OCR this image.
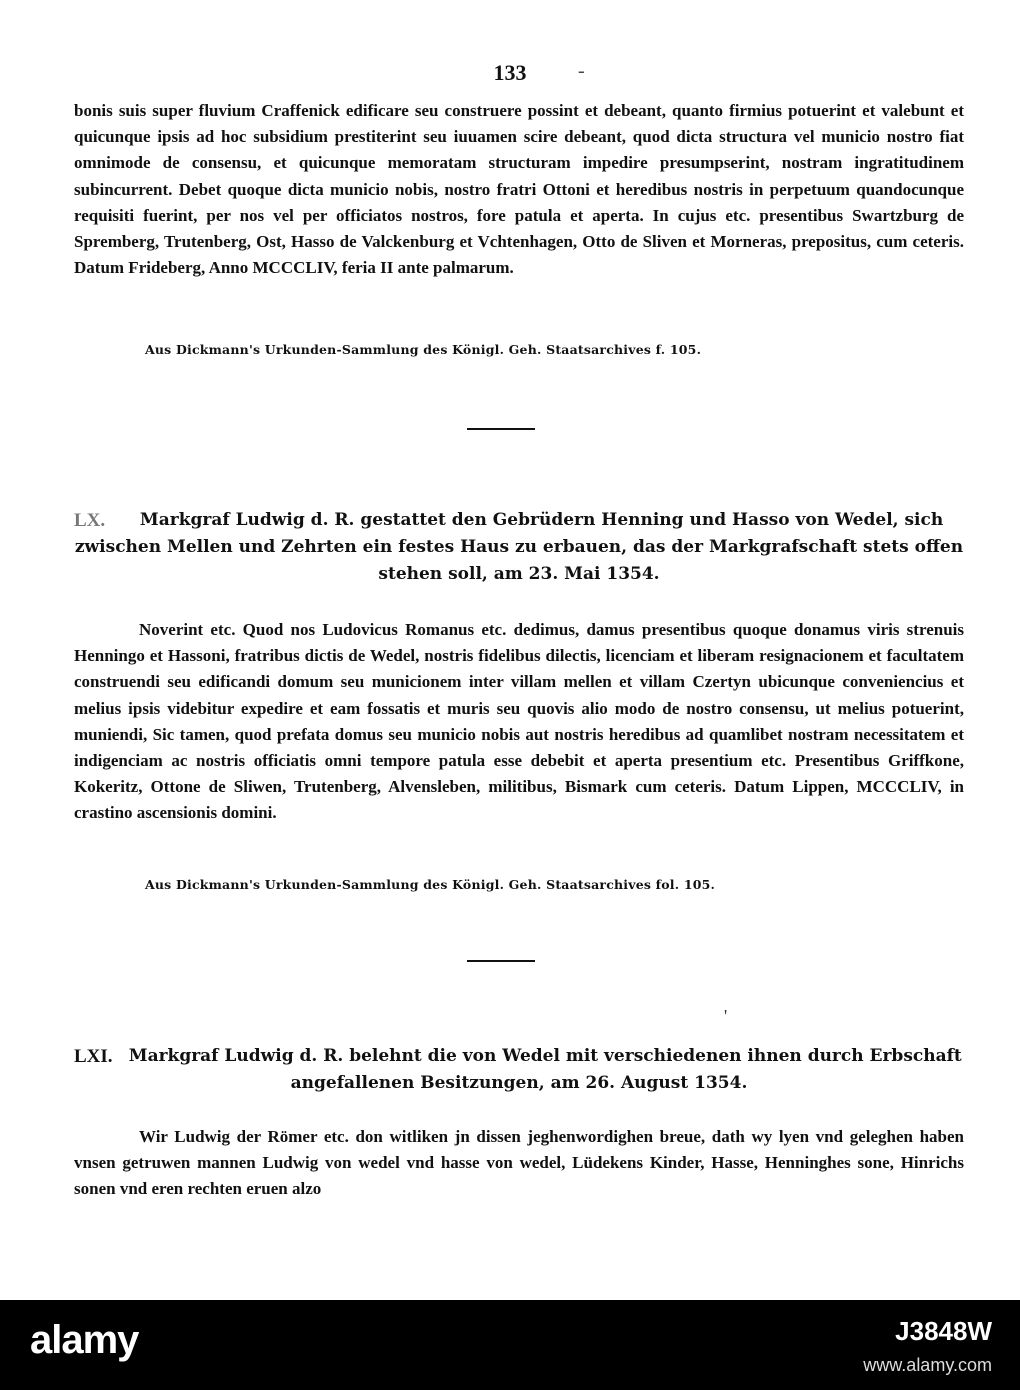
133	-

bonis suis super fluvium Craffenick edificare seu construere possint et debeant, quanto firmius potuerint et valebunt et quicunque ipsis ad hoc subsidium prestiterint seu iuuamen scire debeant, quod dicta structura vel municio nostro fiat omnimode de consensu, et quicunque memoratam structuram impedire presumpserint, nostram ingratitudinem subincurrent. Debet quoque dicta municio nobis, nostro fratri Ottoni et heredibus nostris in perpetuum quandocunque requisiti fuerint, per nos vel per officiatos nostros, fore patula et aperta. In cujus etc. presentibus Swartzburg de Spremberg, Trutenberg, Ost, Hasso de Valckenburg et Vchtenhagen, Otto de Sliven et Morneras, prepositus, cum ceteris. Datum Frideberg, Anno MCCCLIV, feria II ante palmarum.

Aus Dickmann's Urkunden-Sammlung des Königl. Geh. Staatsarchives f. 105.
LX. Markgraf Ludwig d. R. gestattet den Gebrüdern Henning und Hasso von Wedel, sich zwischen Mellen und Zehrten ein festes Haus zu erbauen, das der Markgrafschaft stets offen stehen soll, am 23. Mai 1354.

Noverint etc. Quod nos Ludovicus Romanus etc. dedimus, damus presentibus quoque donamus viris strenuis Henningo et Hassoni, fratribus dictis de Wedel, nostris fidelibus dilectis, licenciam et liberam resignacionem et facultatem construendi seu edificandi domum seu municionem inter villam mellen et villam Czertyn ubicunque conveniencius et melius ipsis videbitur expedire et eam fossatis et muris seu quovis alio modo de nostro consensu, ut melius potuerint, muniendi, Sic tamen, quod prefata domus seu municio nobis aut nostris heredibus ad quamlibet nostram necessitatem et indigenciam ac nostris officiatis omni tempore patula esse debebit et aperta presentium etc. Presentibus Griffkone, Kokeritz, Ottone de Sliwen, Trutenberg, Alvensleben, militibus, Bismark cum ceteris. Datum Lippen, MCCCLIV, in crastino ascensionis domini.

Aus Dickmann's Urkunden-Sammlung des Königl. Geh. Staatsarchives fol. 105.
'
LXI. Markgraf Ludwig d. R. belehnt die von Wedel mit verschiedenen ihnen durch Erbschaft angefallenen Besitzungen, am 26. August 1354.

Wir Ludwig der Römer etc. don witliken jn dissen jeghenwordighen breue, dath wy lyen vnd geleghen haben vnsen getruwen mannen Ludwig von wedel vnd hasse von wedel, Lüdekens Kinder, Hasse, Henninghes sone, Hinrichs sonen vnd eren rechten eruen alzo

alamy	J3848W
www.alamy.com
